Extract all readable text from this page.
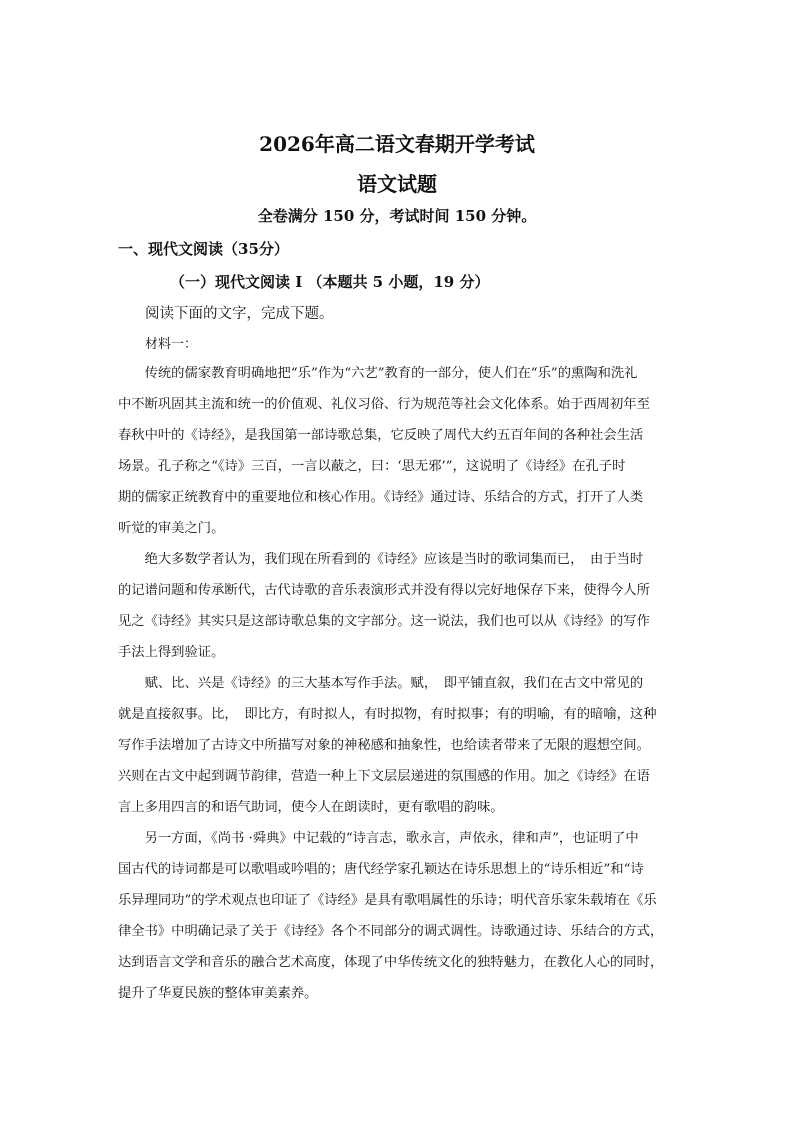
2026年高二语文春期开学考试
语文试题
全卷满分 150 分，考试时间 150 分钟。
一、现代文阅读（35分）
（一）现代文阅读 I （本题共 5 小题，19 分）
阅读下面的文字，完成下题。
材料一：
　　传统的儒家教育明确地把“乐”作为“六艺”教育的一部分，使人们在“乐”的熏陶和洗礼
中不断巩固其主流和统一的价值观、礼仪习俗、行为规范等社会文化体系。始于西周初年至
春秋中叶的《诗经》，是我国第一部诗歌总集，它反映了周代大约五百年间的各种社会生活
场景。孔子称之“《诗》三百，一言以蔽之，曰：‘思无邪’”，这说明了《诗经》在孔子时
期的儒家正统教育中的重要地位和核心作用。《诗经》通过诗、乐结合的方式，打开了人类
听觉的审美之门。
　　绝大多数学者认为，我们现在所看到的《诗经》应该是当时的歌词集而已，　由于当时
的记谱问题和传承断代，古代诗歌的音乐表演形式并没有得以完好地保存下来，使得今人所
见之《诗经》其实只是这部诗歌总集的文字部分。这一说法，我们也可以从《诗经》的写作
手法上得到验证。
　　赋、比、兴是《诗经》的三大基本写作手法。赋，　即平铺直叙，我们在古文中常见的
就是直接叙事。比，　即比方，有时拟人，有时拟物，有时拟事；有的明喻，有的暗喻，这种
写作手法增加了古诗文中所描写对象的神秘感和抽象性，也给读者带来了无限的遐想空间。
兴则在古文中起到调节韵律，营造一种上下文层层递进的氛围感的作用。加之《诗经》在语
言上多用四言的和语气助词，使今人在朗读时，更有歌唱的韵味。
　　另一方面，《尚书 ·舜典》中记载的“诗言志，歌永言，声依永，律和声”，也证明了中
国古代的诗词都是可以歌唱或吟唱的；唐代经学家孔颖达在诗乐思想上的“诗乐相近”和“诗
乐异理同功”的学术观点也印证了《诗经》是具有歌唱属性的乐诗；明代音乐家朱载堉在《乐
律全书》中明确记录了关于《诗经》各个不同部分的调式调性。诗歌通过诗、乐结合的方式，
达到语言文学和音乐的融合艺术高度，体现了中华传统文化的独特魅力，在教化人心的同时，
提升了华夏民族的整体审美素养。
